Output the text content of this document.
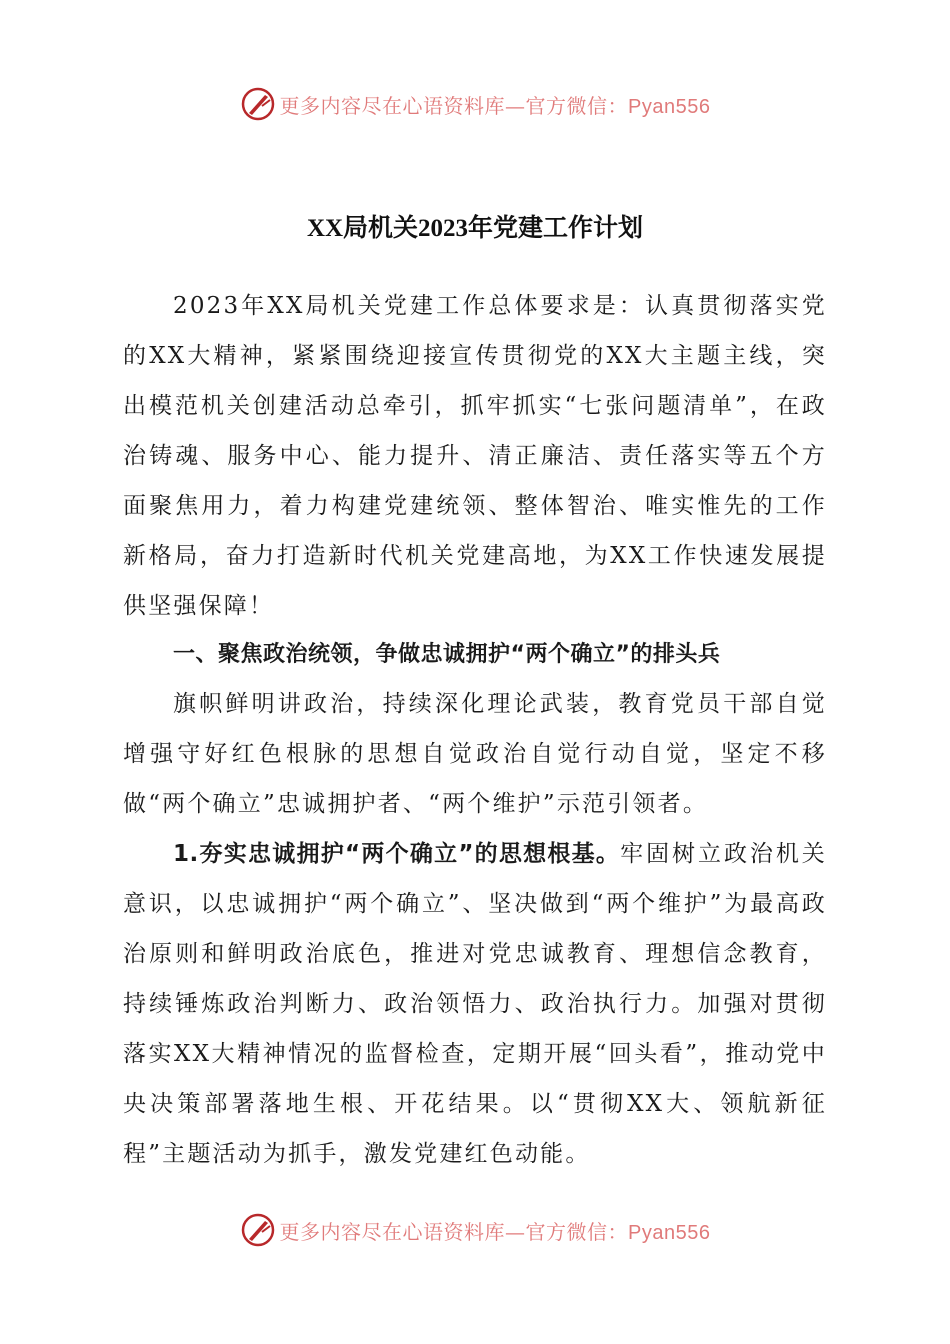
更多内容尽在心语资料库—官方微信：Pyan556
XX局机关2023年党建工作计划

2023年XX局机关党建工作总体要求是：认真贯彻落实党的XX大精神，紧紧围绕迎接宣传贯彻党的XX大主题主线，突出模范机关创建活动总牵引，抓牢抓实“七张问题清单”，在政治铸魂、服务中心、能力提升、清正廉洁、责任落实等五个方面聚焦用力，着力构建党建统领、整体智治、唯实惟先的工作新格局，奋力打造新时代机关党建高地，为XX工作快速发展提供坚强保障！

一、聚焦政治统领，争做忠诚拥护“两个确立”的排头兵

旗帜鲜明讲政治，持续深化理论武装，教育党员干部自觉增强守好红色根脉的思想自觉政治自觉行动自觉，坚定不移做“两个确立”忠诚拥护者、“两个维护”示范引领者。

1.夯实忠诚拥护“两个确立”的思想根基。牢固树立政治机关意识，以忠诚拥护“两个确立”、坚决做到“两个维护”为最高政治原则和鲜明政治底色，推进对党忠诚教育、理想信念教育，持续锤炼政治判断力、政治领悟力、政治执行力。加强对贯彻落实XX大精神情况的监督检查，定期开展“回头看”，推动党中央决策部署落地生根、开花结果。以“贯彻XX大、领航新征程”主题活动为抓手，激发党建红色动能。

更多内容尽在心语资料库—官方微信：Pyan556
